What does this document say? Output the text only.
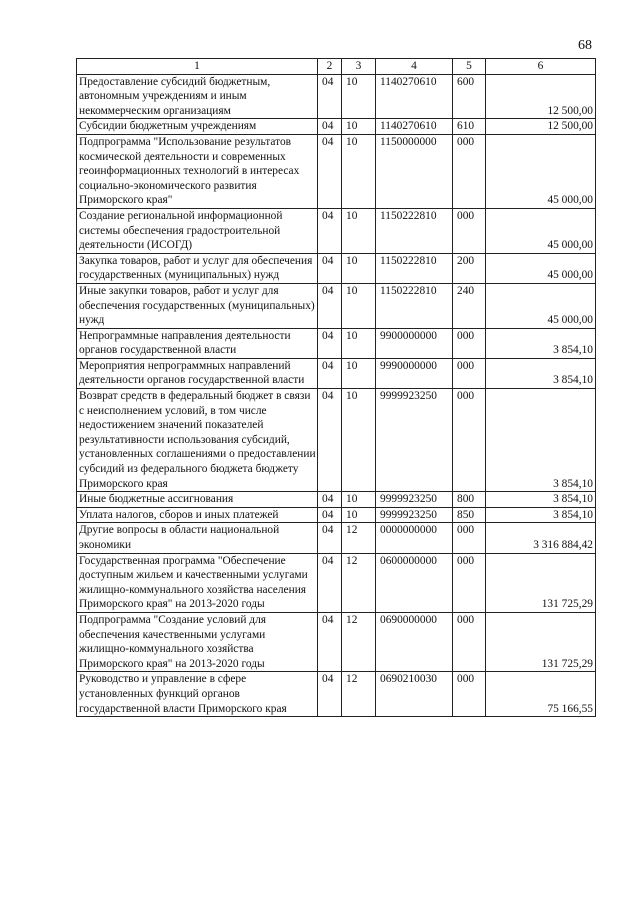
68
1	2	3	4	5	6
Предоставление субсидий бюджетным, автономным учреждениям и иным некоммерческим организациям	04	10	1140270610	600	12 500,00
Субсидии бюджетным учреждениям	04	10	1140270610	610	12 500,00
Подпрограмма "Использование результатов космической деятельности и современных геоинформационных технологий в интересах социально-экономического развития Приморского края"	04	10	1150000000	000	45 000,00
Создание региональной информационной системы обеспечения градостроительной деятельности (ИСОГД)	04	10	1150222810	000	45 000,00
Закупка товаров, работ и услуг для обеспечения государственных (муниципальных) нужд	04	10	1150222810	200	45 000,00
Иные закупки товаров, работ и услуг для обеспечения государственных (муниципальных) нужд	04	10	1150222810	240	45 000,00
Непрограммные направления деятельности органов государственной власти	04	10	9900000000	000	3 854,10
Мероприятия непрограммных направлений деятельности органов государственной власти	04	10	9990000000	000	3 854,10
Возврат средств в федеральный бюджет в связи с неисполнением условий, в том числе недостижением значений показателей результативности использования субсидий, установленных соглашениями о предоставлении субсидий из федерального бюджета бюджету Приморского края	04	10	9999923250	000	3 854,10
Иные бюджетные ассигнования	04	10	9999923250	800	3 854,10
Уплата налогов, сборов и иных платежей	04	10	9999923250	850	3 854,10
Другие вопросы в области национальной экономики	04	12	0000000000	000	3 316 884,42
Государственная программа "Обеспечение доступным жильем и качественными услугами жилищно-коммунального хозяйства населения Приморского края" на 2013-2020 годы	04	12	0600000000	000	131 725,29
Подпрограмма "Создание условий для обеспечения качественными услугами жилищно-коммунального хозяйства Приморского края" на 2013-2020 годы	04	12	0690000000	000	131 725,29
Руководство и управление в сфере установленных функций органов государственной власти Приморского края	04	12	0690210030	000	75 166,55
